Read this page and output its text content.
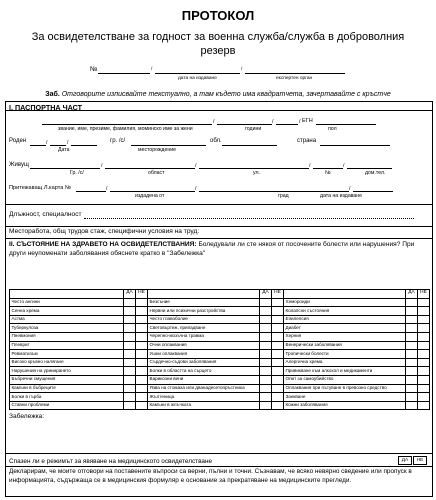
ПРОТОКОЛ
За освидетелстване за годност за военна служба/служба в доброволния резерв
№	/	/
дата на издаване	експертен орган
Заб. Отговорите изписвайте текстуално, а там където има квадратчета, зачертавайте с кръстче
I. ПАСПОРТНА ЧАСТ
/	/	/ ЕГН
звание, име, презиме, фамилия, моминско име за жени	години	пол
Роден	/	/	гр. /с/	обл.	страна
Дата	месторождение
Живущ	/	/	/	/
Гр. /с/	област	ул.	№	дом.тел.
Притежаващ Л.карта №	/	/	/
издадена от	град	дата на издаване
Длъжност, специалност
Месторабота, общ трудов стаж, специфични условия на труд:
II. СЪСТОЯНИЕ НА ЗДРАВЕТО НА ОСВИДЕТЕЛСТВАНИЯ: Боледували ли сте някоя от посочените болести или нарушения? При други неупоменати заболявания обяснете кратко в "Забележка"
	ДА	НЕ		ДА	НЕ		ДА	НЕ
Често ангини			Безсъние			Хемороиди		
Сенна хрема			Нервни или психични разстройства			Колапсни състояния		
Астма			Често главоболие			Епилепсия		
Туберкулоза			Световъртеж, припадване			Диабет		
Пневмония			Черепно-мозъчна травма			Херния		
Плеврит			Очни оплаквания			Венерически заболявания		
Ревматизъм			Ушни оплаквания			Тропически болести		
Високо кръвно налягане			Сърдечно-съдови заболявания			Алергична хрема		
Нарушения на уринирането			Болки в областта на сърцето			Привикване към алкохол и медикаменти		
Бъбречни смущения			Варикозни вени			Опит за самоубийство		
Камъни в бъбреците			Язва на стомаха или дванадесетопръстника			Оплаквания при пътуване в превозно средство		
Болки в гърба			Жълтеница			Заекване		
Ставни проблеми			Камъни в жлъчката			Кожни заболявания		
Забележка:
Спазен ли е режимът за явяване на медицинското освидетелстване	ДА	НЕ
Декларирам, че моите отговори на поставените въпроси са верни, пълни и точни. Съзнавам, че всяко невярно сведение или пропуск в информацията, съдържаща се в медицинския формуляр е основание за прекратяване на медицинските прегледи.
